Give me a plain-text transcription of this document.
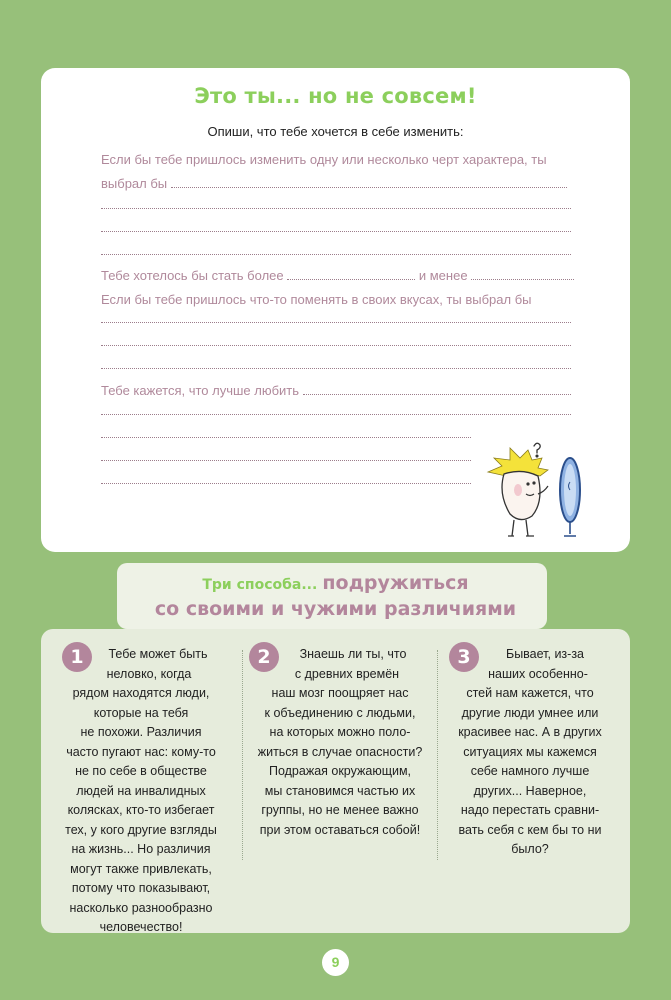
Это ты... но не совсем!
Опиши, что тебе хочется в себе изменить:
Если бы тебе пришлось изменить одну или несколько черт характера, ты
выбрал бы
Тебе хотелось бы стать более	и менее
Если бы тебе пришлось что-то поменять в своих вкусах, ты выбрал бы
Тебе кажется, что лучше любить
Три способа... подружиться
со своими и чужими различиями
1	2	3
Тебе может быть
неловко, когда
рядом находятся люди,
которые на тебя
не похожи. Различия
часто пугают нас: кому-то
не по себе в обществе
людей на инвалидных
колясках, кто-то избегает
тех, у кого другие взгляды
на жизнь... Но различия
могут также привлекать,
потому что показывают,
насколько разнообразно
человечество!
Знаешь ли ты, что
с древних времён
наш мозг поощряет нас
к объединению с людьми,
на которых можно поло-
житься в случае опасности?
Подражая окружающим,
мы становимся частью их
группы, но не менее важно
при этом оставаться собой!
Бывает, из-за
наших особенно-
стей нам кажется, что
другие люди умнее или
красивее нас. А в других
ситуациях мы кажемся
себе намного лучше
других... Наверное,
надо перестать сравни-
вать себя с кем бы то ни
было?
9
